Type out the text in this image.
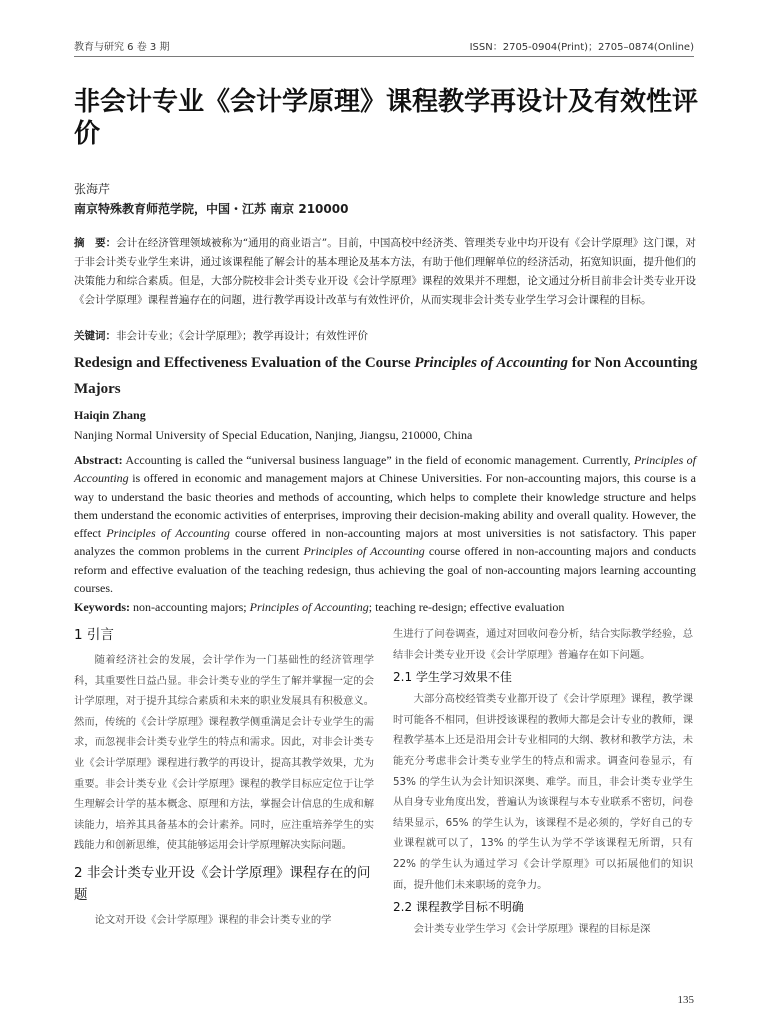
教育与研究 6 卷 3 期	ISSN：2705-0904(Print)；2705–0874(Online)
非会计专业《会计学原理》课程教学再设计及有效性评价
张海芹
南京特殊教育师范学院，中国・江苏 南京 210000

摘　要：会计在经济管理领域被称为“通用的商业语言”。目前，中国高校中经济类、管理类专业中均开设有《会计学原理》这门课，对于非会计类专业学生来讲，通过该课程能了解会计的基本理论及基本方法，有助于他们理解单位的经济活动，拓宽知识面，提升他们的决策能力和综合素质。但是，大部分院校非会计类专业开设《会计学原理》课程的效果并不理想，论文通过分析目前非会计类专业开设《会计学原理》课程普遍存在的问题，进行教学再设计改革与有效性评价，从而实现非会计类专业学生学习会计课程的目标。

关键词：非会计专业；《会计学原理》；教学再设计；有效性评价

Redesign and Effectiveness Evaluation of the Course Principles of Accounting for Non Accounting Majors
Haiqin Zhang
Nanjing Normal University of Special Education, Nanjing, Jiangsu, 210000, China

Abstract: Accounting is called the “universal business language” in the field of economic management. Currently, Principles of Accounting is offered in economic and management majors at Chinese Universities. For non-accounting majors, this course is a way to understand the basic theories and methods of accounting, which helps to complete their knowledge structure and helps them understand the economic activities of enterprises, improving their decision-making ability and overall quality. However, the effect Principles of Accounting course offered in non-accounting majors at most universities is not satisfactory. This paper analyzes the common problems in the current Principles of Accounting course offered in non-accounting majors and conducts reform and effective evaluation of the teaching redesign, thus achieving the goal of non-accounting majors learning accounting courses.

Keywords: non-accounting majors; Principles of Accounting; teaching re-design; effective evaluation

1 引言

随着经济社会的发展，会计学作为一门基础性的经济管理学科，其重要性日益凸显。非会计类专业的学生了解并掌握一定的会计学原理，对于提升其综合素质和未来的职业发展具有积极意义。然而，传统的《会计学原理》课程教学侧重满足会计专业学生的需求，而忽视非会计类专业学生的特点和需求。因此，对非会计类专业《会计学原理》课程进行教学的再设计，提高其教学效果，尤为重要。非会计类专业《会计学原理》课程的教学目标应定位于让学生理解会计学的基本概念、原理和方法，掌握会计信息的生成和解读能力，培养其具备基本的会计素养。同时，应注重培养学生的实践能力和创新思维，使其能够运用会计学原理解决实际问题。

2 非会计类专业开设《会计学原理》课程存在的问题

论文对开设《会计学原理》课程的非会计类专业的学

生进行了问卷调查，通过对回收问卷分析，结合实际教学经验，总结非会计类专业开设《会计学原理》普遍存在如下问题。

2.1 学生学习效果不佳

大部分高校经管类专业都开设了《会计学原理》课程，教学课时可能各不相同，但讲授该课程的教师大都是会计专业的教师，课程教学基本上还是沿用会计专业相同的大纲、教材和教学方法，未能充分考虑非会计类专业学生的特点和需求。调查问卷显示，有 53% 的学生认为会计知识深奥、难学。而且，非会计类专业学生从自身专业角度出发，普遍认为该课程与本专业联系不密切，问卷结果显示，65% 的学生认为，该课程不是必须的，学好自己的专业课程就可以了，13% 的学生认为学不学该课程无所谓，只有 22% 的学生认为通过学习《会计学原理》可以拓展他们的知识面，提升他们未来职场的竞争力。

2.2 课程教学目标不明确

会计类专业学生学习《会计学原理》课程的目标是深

135
